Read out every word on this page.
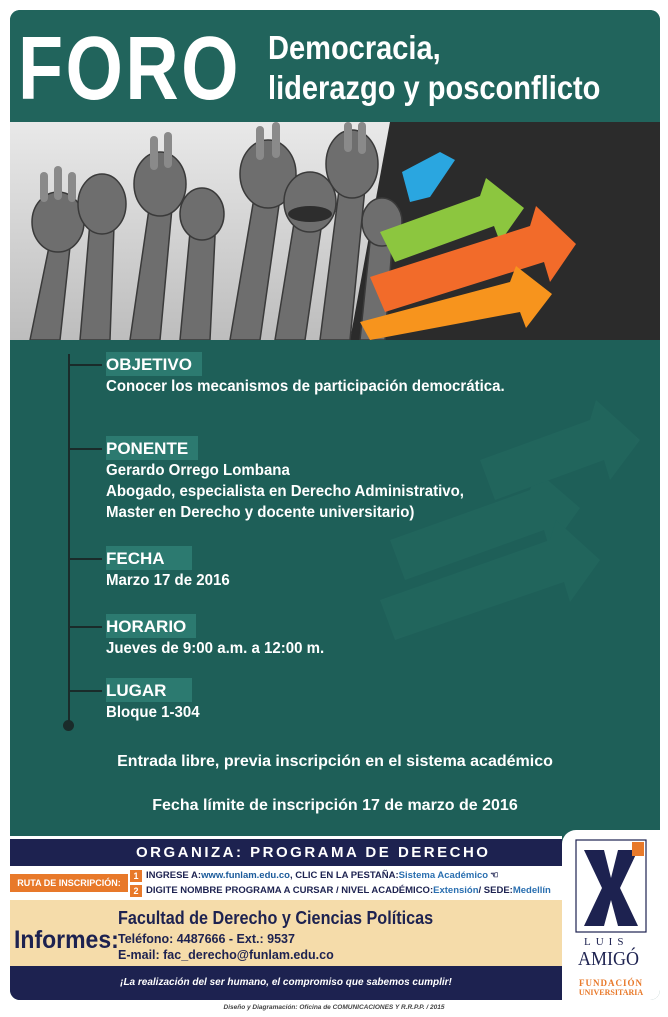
FORO Democracia,
liderazgo y posconflicto
OBJETIVO
Conocer los mecanismos de participación democrática.
PONENTE
Gerardo Orrego Lombana
Abogado, especialista en Derecho Administrativo,
Master en Derecho y docente universitario)
FECHA
Marzo 17 de 2016
HORARIO
Jueves de 9:00 a.m. a 12:00 m.
LUGAR
Bloque 1-304
Entrada libre, previa inscripción en el sistema académico
Fecha límite de inscripción 17 de marzo de 2016
ORGANIZA: PROGRAMA DE DERECHO
RUTA DE INSCRIPCIÓN:
1 INGRESE A: www.funlam.edu.co , CLIC EN LA PESTAÑA: Sistema Académico ☜
2 DIGITE NOMBRE PROGRAMA A CURSAR / NIVEL ACADÉMICO: Extensión / SEDE: Medellín
Informes:
Facultad de Derecho y Ciencias Políticas
Teléfono: 4487666 - Ext.: 9537
E-mail: fac_derecho@funlam.edu.co
¡La realización del ser humano, el compromiso que sabemos cumplir!
LUIS
AMIGÓ
FUNDACIÓN
UNIVERSITARIA
Diseño y Diagramación: Oficina de COMUNICACIONES Y R.R.P.P. / 2015
